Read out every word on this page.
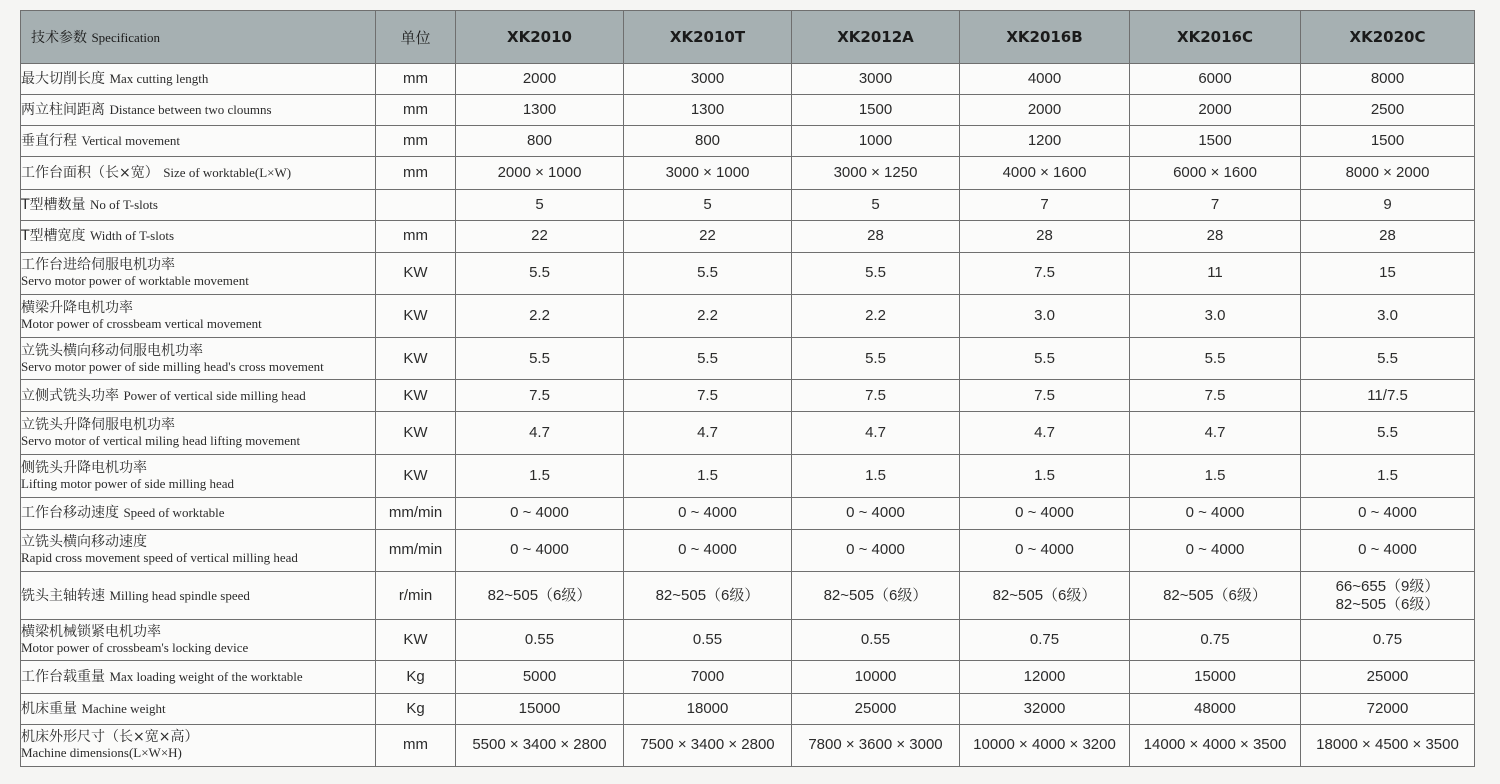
技术参数 Specification	单位	XK2010	XK2010T	XK2012A	XK2016B	XK2016C	XK2020C
最大切削长度 Max cutting length	mm	2000	3000	3000	4000	6000	8000

两立柱间距离 Distance between two cloumns	mm	1300	1300	1500	2000	2000	2500

垂直行程 Vertical movement	mm	800	800	1000	1200	1500	1500

工作台面积（长×宽） Size of worktable(L×W)	mm	2000 × 1000	3000 × 1000	3000 × 1250	4000 × 1600	6000 × 1600	8000 × 2000

T型槽数量 No of T-slots		5	5	5	7	7	9

T型槽宽度 Width of T-slots	mm	22	22	28	28	28	28

工作台进给伺服电机功率
Servo motor power of worktable movement	KW	5.5	5.5	5.5	7.5	11	15

横梁升降电机功率
Motor power of crossbeam vertical movement	KW	2.2	2.2	2.2	3.0	3.0	3.0

立铣头横向移动伺服电机功率
Servo motor power of side milling head's cross movement	KW	5.5	5.5	5.5	5.5	5.5	5.5

立侧式铣头功率 Power of vertical side milling head	KW	7.5	7.5	7.5	7.5	7.5	11/7.5

立铣头升降伺服电机功率
Servo motor of vertical miling head lifting movement	KW	4.7	4.7	4.7	4.7	4.7	5.5

侧铣头升降电机功率
Lifting motor power of side milling head	KW	1.5	1.5	1.5	1.5	1.5	1.5

工作台移动速度 Speed of worktable	mm/min	0 ~ 4000	0 ~ 4000	0 ~ 4000	0 ~ 4000	0 ~ 4000	0 ~ 4000

立铣头横向移动速度
Rapid cross movement speed of vertical milling head	mm/min	0 ~ 4000	0 ~ 4000	0 ~ 4000	0 ~ 4000	0 ~ 4000	0 ~ 4000

铣头主轴转速 Milling head spindle speed	r/min	82~505（6级）	82~505（6级）	82~505（6级）	82~505（6级）	82~505（6级）	66~655（9级）
82~505（6级）

横梁机械锁紧电机功率
Motor power of crossbeam's locking device	KW	0.55	0.55	0.55	0.75	0.75	0.75

工作台载重量 Max loading weight of the worktable	Kg	5000	7000	10000	12000	15000	25000

机床重量 Machine weight	Kg	15000	18000	25000	32000	48000	72000

机床外形尺寸（长×宽×高）
Machine dimensions(L×W×H)	mm	5500 × 3400 × 2800	7500 × 3400 × 2800	7800 × 3600 × 3000	10000 × 4000 × 3200	14000 × 4000 × 3500	18000 × 4500 × 3500
